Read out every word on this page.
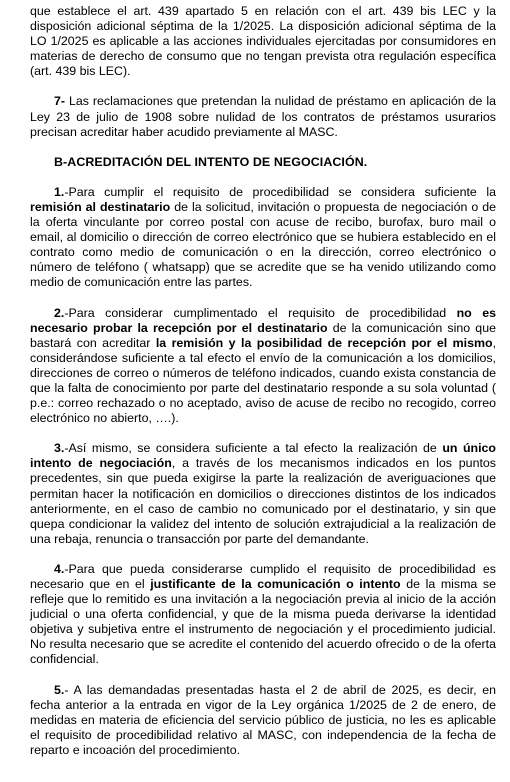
que establece el art. 439 apartado 5 en relación con el art. 439 bis LEC y la disposición adicional séptima de la 1/2025. La disposición adicional séptima de la LO 1/2025 es aplicable a las acciones individuales ejercitadas por consumidores en materias de derecho de consumo que no tengan prevista otra regulación específica (art. 439 bis LEC).

7- Las reclamaciones que pretendan la nulidad de préstamo en aplicación de la Ley 23 de julio de 1908 sobre nulidad de los contratos de préstamos usurarios precisan acreditar haber acudido previamente al MASC.

B-ACREDITACIÓN DEL INTENTO DE NEGOCIACIÓN.

1.-Para cumplir el requisito de procedibilidad se considera suficiente la remisión al destinatario de la solicitud, invitación o propuesta de negociación o de la oferta vinculante por correo postal con acuse de recibo, burofax, buro mail o email, al domicilio o dirección de correo electrónico que se hubiera establecido en el contrato como medio de comunicación o en la dirección, correo electrónico o número de teléfono ( whatsapp) que se acredite que se ha venido utilizando como medio de comunicación entre las partes.

2.-Para considerar cumplimentado el requisito de procedibilidad no es necesario probar la recepción por el destinatario de la comunicación sino que bastará con acreditar la remisión y la posibilidad de recepción por el mismo, considerándose suficiente a tal efecto el envío de la comunicación a los domicilios, direcciones de correo o números de teléfono indicados, cuando exista constancia de que la falta de conocimiento por parte del destinatario responde a su sola voluntad ( p.e.: correo rechazado o no aceptado, aviso de acuse de recibo no recogido, correo electrónico no abierto, ….).

3.-Así mismo, se considera suficiente a tal efecto la realización de un único intento de negociación, a través de los mecanismos indicados en los puntos precedentes, sin que pueda exigirse la parte la realización de averiguaciones que permitan hacer la notificación en domicilios o direcciones distintos de los indicados anteriormente, en el caso de cambio no comunicado por el destinatario, y sin que quepa condicionar la validez del intento de solución extrajudicial a la realización de una rebaja, renuncia o transacción por parte del demandante.

4.-Para que pueda considerarse cumplido el requisito de procedibilidad es necesario que en el justificante de la comunicación o intento de la misma se refleje que lo remitido es una invitación a la negociación previa al inicio de la acción judicial o una oferta confidencial, y que de la misma pueda derivarse la identidad objetiva y subjetiva entre el instrumento de negociación y el procedimiento judicial. No resulta necesario que se acredite el contenido del acuerdo ofrecido o de la oferta confidencial.

5.- A las demandadas presentadas hasta el 2 de abril de 2025, es decir, en fecha anterior a la entrada en vigor de la Ley orgánica 1/2025 de 2 de enero, de medidas en materia de eficiencia del servicio público de justicia, no les es aplicable el requisito de procedibilidad relativo al MASC, con independencia de la fecha de reparto e incoación del procedimiento.
